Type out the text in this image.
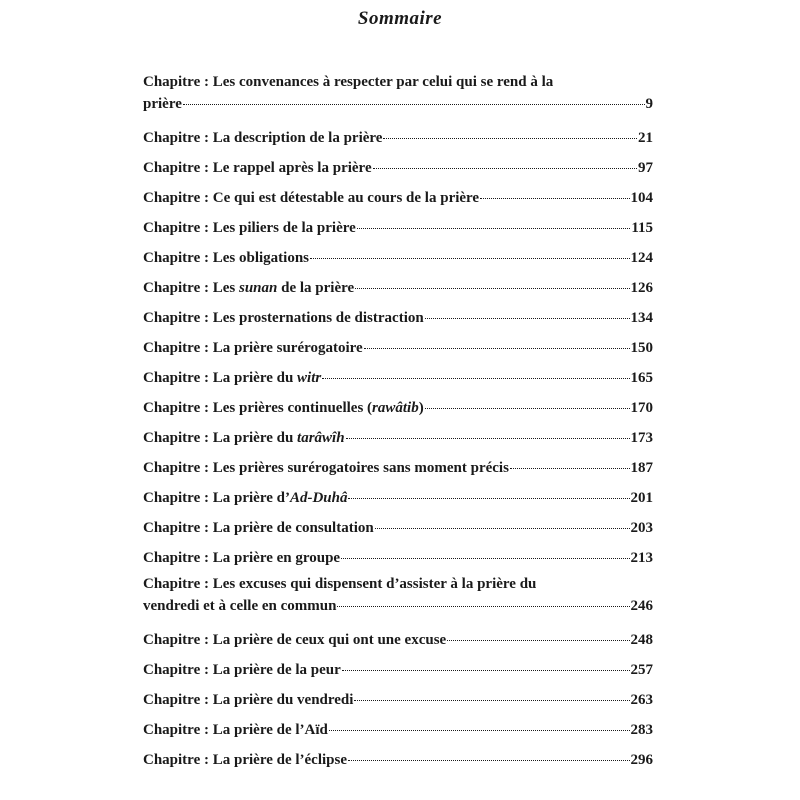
Sommaire
Chapitre : Les convenances à respecter par celui qui se rend à la
prière	9
Chapitre : La description de la prière	21
Chapitre : Le rappel après la prière	97
Chapitre : Ce qui est détestable au cours de la prière	104
Chapitre : Les piliers de la prière	115
Chapitre : Les obligations	124
Chapitre : Les sunan de la prière	126
Chapitre : Les prosternations de distraction	134
Chapitre : La prière surérogatoire	150
Chapitre : La prière du witr	165
Chapitre : Les prières continuelles (rawâtib)	170
Chapitre : La prière du tarâwîh	173
Chapitre : Les prières surérogatoires sans moment précis	187
Chapitre : La prière d’Ad-Duhâ	201
Chapitre : La prière de consultation	203
Chapitre : La prière en groupe	213
Chapitre : Les excuses qui dispensent d’assister à la prière du
vendredi et à celle en commun	246
Chapitre : La prière de ceux qui ont une excuse	248
Chapitre : La prière de la peur	257
Chapitre : La prière du vendredi	263
Chapitre : La prière de l’Aïd	283
Chapitre : La prière de l’éclipse	296
